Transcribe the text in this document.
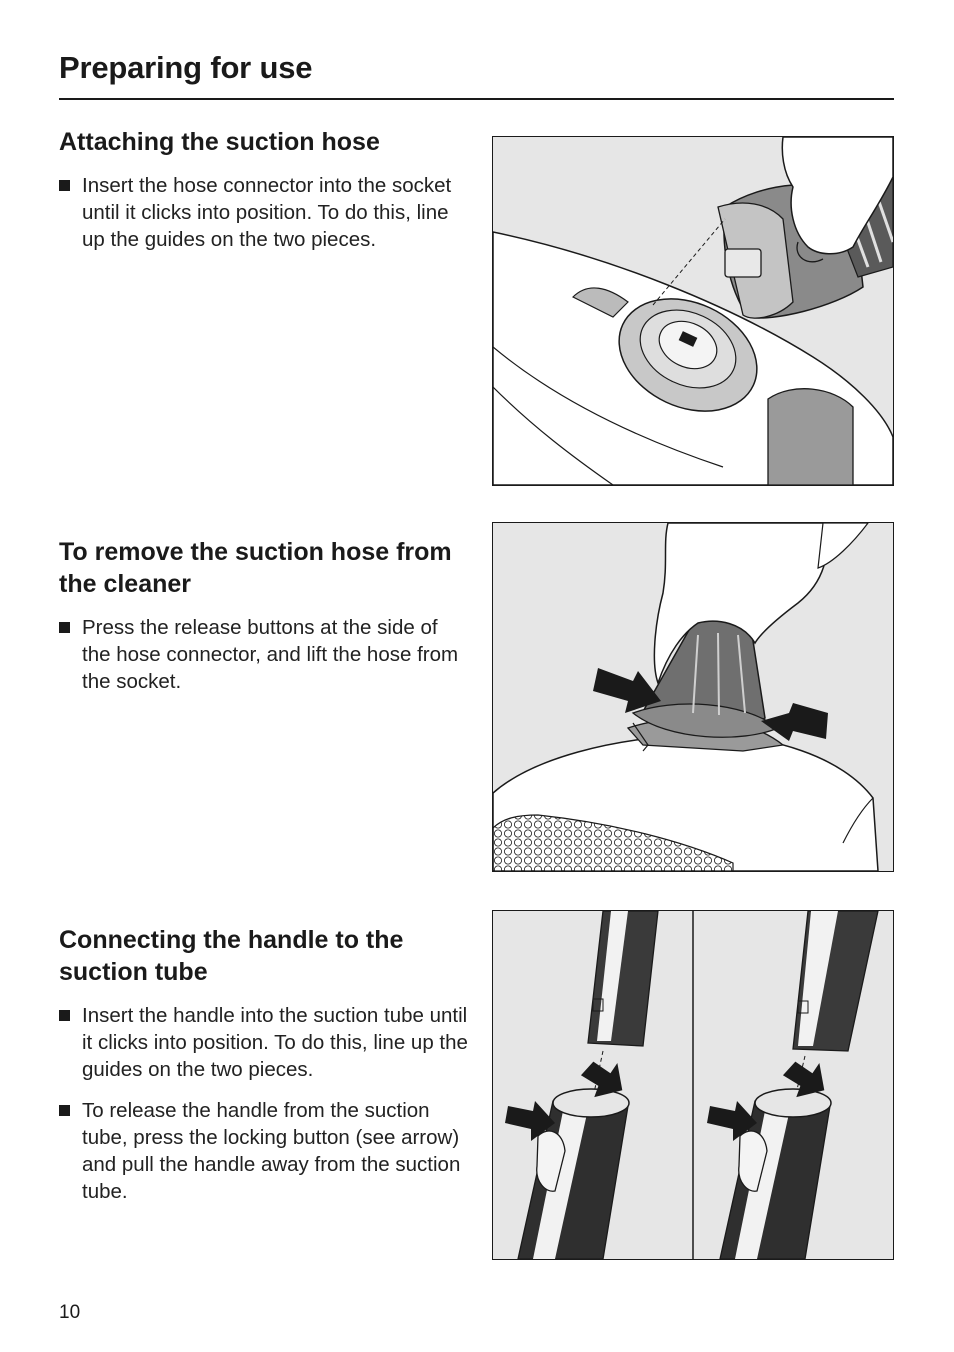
Preparing for use
Attaching the suction hose
Insert the hose connector into the socket until it clicks into position. To do this, line up the guides on the two pieces.
To remove the suction hose from the cleaner
Press the release buttons at the side of the hose connector, and lift the hose from the socket.
Connecting the handle to the suction tube
Insert the handle into the suction tube until it clicks into position. To do this, line up the guides on the two pieces.
To release the handle from the suction tube, press the locking button (see arrow) and pull the handle away from the suction tube.
10
